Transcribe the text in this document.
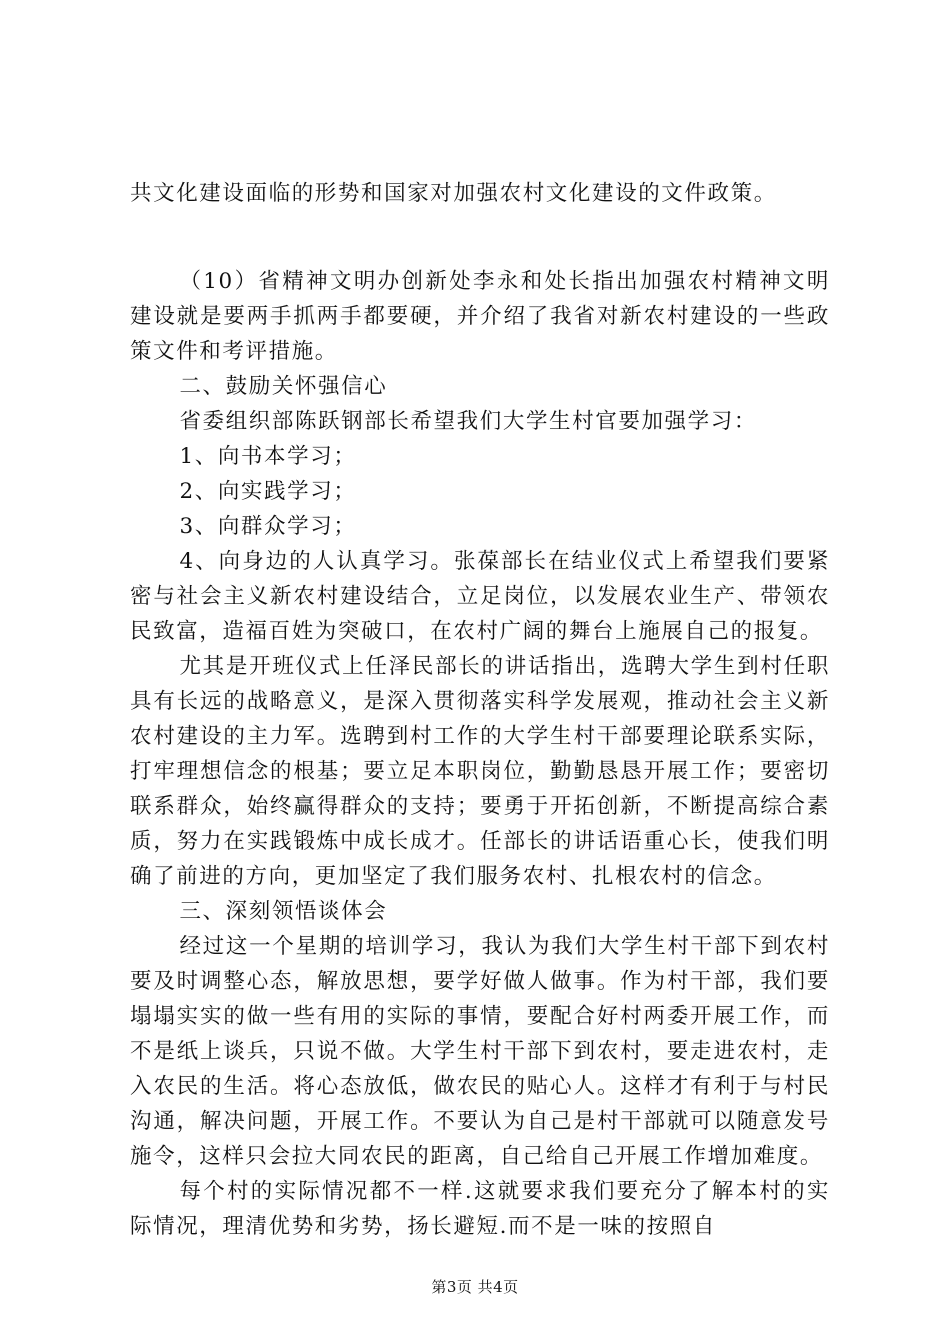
共文化建设面临的形势和国家对加强农村文化建设的文件政策。

（10）省精神文明办创新处李永和处长指出加强农村精神文明建设就是要两手抓两手都要硬，并介绍了我省对新农村建设的一些政策文件和考评措施。

二、鼓励关怀强信心

省委组织部陈跃钢部长希望我们大学生村官要加强学习：

1、向书本学习；

2、向实践学习；

3、向群众学习；

4、向身边的人认真学习。张葆部长在结业仪式上希望我们要紧密与社会主义新农村建设结合，立足岗位，以发展农业生产、带领农民致富，造福百姓为突破口，在农村广阔的舞台上施展自己的报复。

尤其是开班仪式上任泽民部长的讲话指出，选聘大学生到村任职具有长远的战略意义，是深入贯彻落实科学发展观，推动社会主义新农村建设的主力军。选聘到村工作的大学生村干部要理论联系实际，打牢理想信念的根基；要立足本职岗位，勤勤恳恳开展工作；要密切联系群众，始终赢得群众的支持；要勇于开拓创新，不断提高综合素质，努力在实践锻炼中成长成才。任部长的讲话语重心长，使我们明确了前进的方向，更加坚定了我们服务农村、扎根农村的信念。

三、深刻领悟谈体会

经过这一个星期的培训学习，我认为我们大学生村干部下到农村要及时调整心态，解放思想，要学好做人做事。作为村干部，我们要塌塌实实的做一些有用的实际的事情，要配合好村两委开展工作，而不是纸上谈兵，只说不做。大学生村干部下到农村，要走进农村，走入农民的生活。将心态放低，做农民的贴心人。这样才有利于与村民沟通，解决问题，开展工作。不要认为自己是村干部就可以随意发号施令，这样只会拉大同农民的距离，自己给自己开展工作增加难度。

每个村的实际情况都不一样.这就要求我们要充分了解本村的实际情况，理清优势和劣势，扬长避短.而不是一味的按照自

第3页 共4页
